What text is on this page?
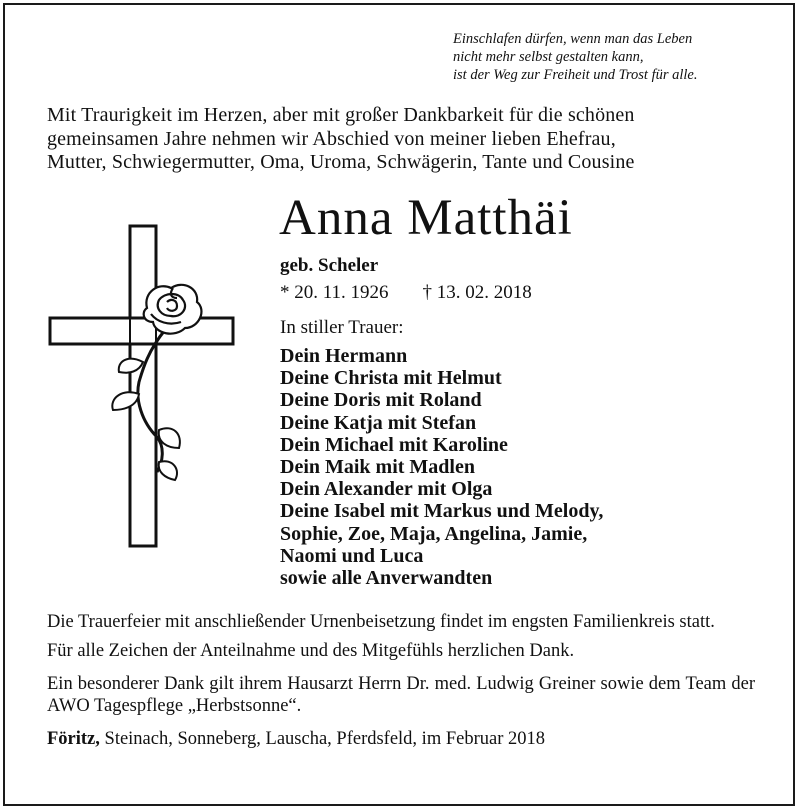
Einschlafen dürfen, wenn man das Leben
nicht mehr selbst gestalten kann,
ist der Weg zur Freiheit und Trost für alle.
Mit Traurigkeit im Herzen, aber mit großer Dankbarkeit für die schönen
gemeinsamen Jahre nehmen wir Abschied von meiner lieben Ehefrau,
Mutter, Schwiegermutter, Oma, Uroma, Schwägerin, Tante und Cousine
Anna Matthäi
geb. Scheler
* 20. 11. 1926 † 13. 02. 2018
In stiller Trauer:
Dein Hermann
Deine Christa mit Helmut
Deine Doris mit Roland
Deine Katja mit Stefan
Dein Michael mit Karoline
Dein Maik mit Madlen
Dein Alexander mit Olga
Deine Isabel mit Markus und Melody,
Sophie, Zoe, Maja, Angelina, Jamie,
Naomi und Luca
sowie alle Anverwandten

Die Trauerfeier mit anschließender Urnenbeisetzung findet im engsten Familienkreis statt.

Für alle Zeichen der Anteilnahme und des Mitgefühls herzlichen Dank.

Ein besonderer Dank gilt ihrem Hausarzt Herrn Dr. med. Ludwig Greiner sowie dem Team der AWO Tagespflege „Herbstsonne“.

Föritz, Steinach, Sonneberg, Lauscha, Pferdsfeld, im Februar 2018
